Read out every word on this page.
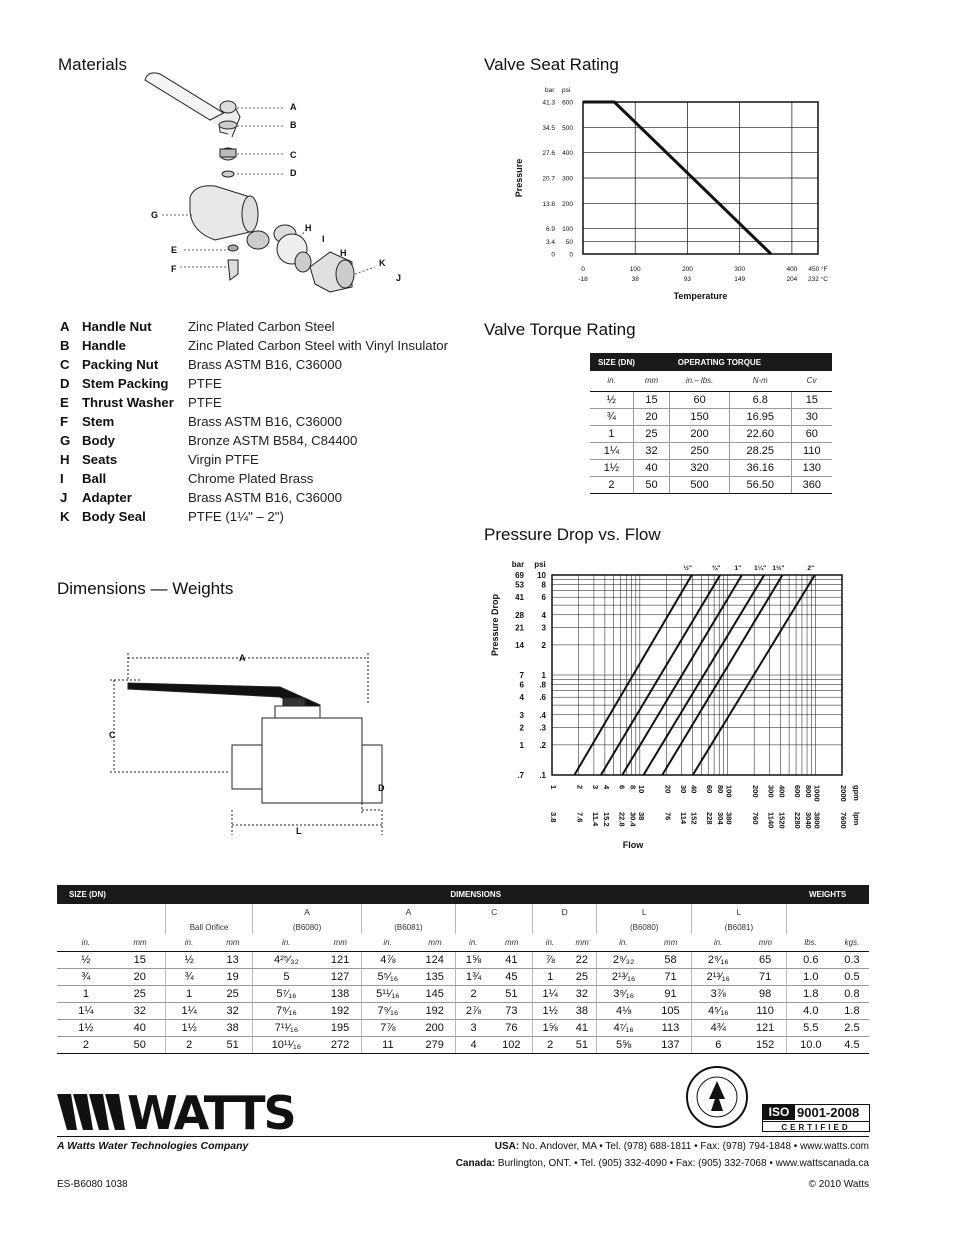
Materials	Valve Seat Rating
Valve Torque Rating
Pressure Drop vs. Flow
Dimensions — Weights
A
B
C
D
G
H
I
E	H
F
K
J
A	Handle Nut	Zinc Plated Carbon Steel
B	Handle	Zinc Plated Carbon Steel with Vinyl Insulator
C	Packing Nut	Brass ASTM B16, C36000
D	Stem Packing	PTFE
E	Thrust Washer	PTFE
F	Stem	Brass ASTM B16, C36000
G	Body	Bronze ASTM B584, C84400
H	Seats	Virgin PTFE
I	Ball	Chrome Plated Brass
J	Adapter	Brass ASTM B16, C36000
K	Body Seal	PTFE (1¼" – 2")
bar psi
41.3 600
34.5 500
27.6 400
20.7 300
13.8 200
6.9 100
3.4 50
0 0
0
-18
100
38
200
93
300
149
400
204
450 °F
232 °C
Temperature
Pressure
SIZE (DN)		OPERATING TORQUE		
in.	mm	in.– lbs.	N-m	Cv
½	15	60	6.8	15
¾	20	150	16.95	30
1	25	200	22.60	60
1¼	32	250	28.25	110
1½	40	320	36.16	130
2	50	500	56.50	360
½"	¾" 1" 1¼" 1½"	2"
bar psi
69 10
53 8
41 6
28 4
21 3
14 2
7 1
6 .8
4 .6
3 .4
2 .3
1 .2
.7 .1
1
3.8
2
7.6
3
11.4
4
15.2
6
22.8
8
30.4
10
38
20
76
30
114
40
152
60
228
80
304
100
380
200
760
300
1140
400
1520
600
2280
800
3040
1000
3800
2000
7600
gpm
lpm
Flow
Pressure Drop
A
C
D
L
SIZE (DN)		DIMENSIONS														WEIGHTS	
				A		A		C		D		L		L			
		Ball Orifice		(B6080)		(B6081)						(B6080)		(B6081)			
in.	mm	in.	mm	in.	mm	in.	mm	in.	mm	in.	mm	in.	mm	in.	mm	lbs.	kgs.
½	15	½	13	4²⁵⁄₃₂	121	4⅞	124	1⅝	41	⅞	22	2⁹⁄₃₂	58	2⁹⁄₁₆	65	0.6	0.3
¾	20	¾	19	5	127	5⁵⁄₁₆	135	1¾	45	1	25	2¹³⁄₁₆	71	2¹³⁄₁₆	71	1.0	0.5
1	25	1	25	5⁷⁄₁₆	138	5¹¹⁄₁₆	145	2	51	1¼	32	3⁹⁄₁₆	91	3⅞	98	1.8	0.8
1¼	32	1¼	32	7⁹⁄₁₆	192	7⁹⁄₁₆	192	2⅞	73	1½	38	4⅛	105	4⁵⁄₁₆	110	4.0	1.8
1½	40	1½	38	7¹¹⁄₁₆	195	7⅞	200	3	76	1⅝	41	4⁷⁄₁₆	113	4¾	121	5.5	2.5
2	50	2	51	10¹¹⁄₁₆	272	11	279	4	102	2	51	5⅝	137	6	152	10.0	4.5
WATTS
A Watts Water Technologies Company	USA: No. Andover, MA • Tel. (978) 688-1811 • Fax: (978) 794-1848 • www.watts.com
Canada: Burlington, ONT. • Tel. (905) 332-4090 • Fax: (905) 332-7068 • www.wattscanada.ca
ES-B6080 1038	© 2010 Watts
ISO 9001-2008
CERTIFIED
